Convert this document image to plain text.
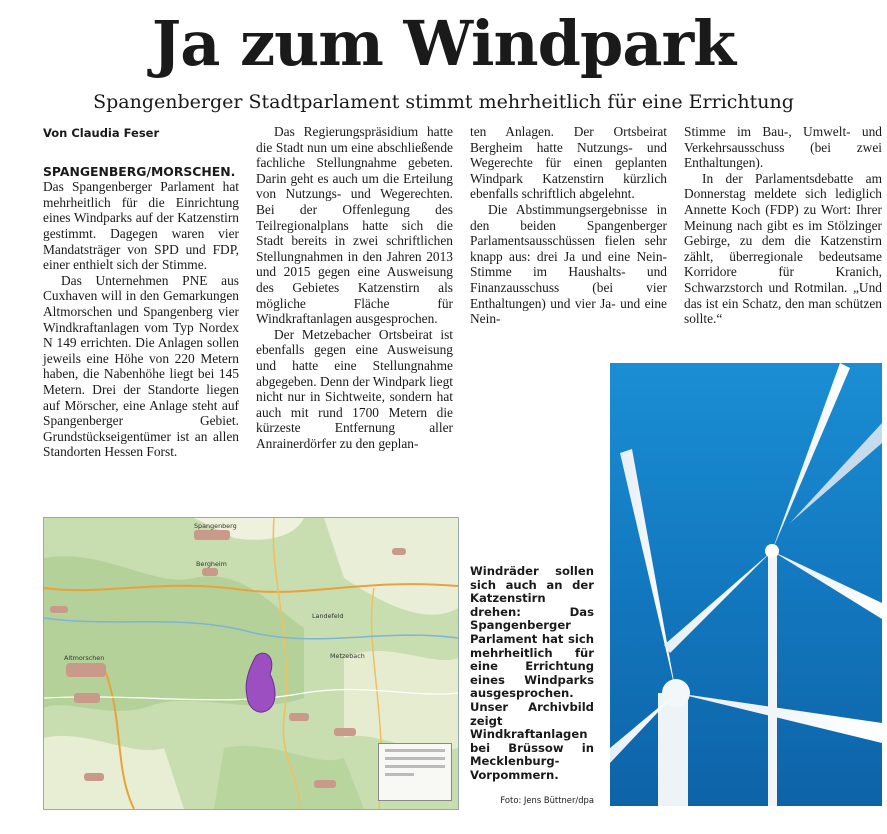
Ja zum Windpark
Spangenberger Stadtparlament stimmt mehrheitlich für eine Errichtung

Von Claudia Feser

SPANGENBERG/MORSCHEN. Das Spangenberger Parlament hat mehrheitlich für die Einrichtung eines Windparks auf der Katzenstirn gestimmt. Dagegen waren vier Mandatsträger von SPD und FDP, einer enthielt sich der Stimme.

Das Unternehmen PNE aus Cuxhaven will in den Gemarkungen Altmorschen und Spangenberg vier Windkraftanlagen vom Typ Nordex N 149 errichten. Die Anlagen sollen jeweils eine Höhe von 220 Metern haben, die Nabenhöhe liegt bei 145 Metern. Drei der Standorte liegen auf Mörscher, eine Anlage steht auf Spangenberger Gebiet. Grundstückseigentümer ist an allen Standorten Hessen Forst.

Das Regierungspräsidium hatte die Stadt nun um eine abschließende fachliche Stellungnahme gebeten. Darin geht es auch um die Erteilung von Nutzungs- und Wegerechten. Bei der Offenlegung des Teilregionalplans hatte sich die Stadt bereits in zwei schriftlichen Stellungnahmen in den Jahren 2013 und 2015 gegen eine Ausweisung des Gebietes Katzenstirn als mögliche Fläche für Windkraftanlagen ausgesprochen.

Der Metzebacher Ortsbeirat ist ebenfalls gegen eine Ausweisung und hatte eine Stellungnahme abgegeben. Denn der Windpark liegt nicht nur in Sichtweite, sondern hat auch mit rund 1700 Metern die kürzeste Entfernung aller Anrainerdörfer zu den geplan-

ten Anlagen. Der Ortsbeirat Bergheim hatte Nutzungs- und Wegerechte für einen geplanten Windpark Katzenstirn kürzlich ebenfalls schriftlich abgelehnt.

Die Abstimmungsergebnisse in den beiden Spangenberger Parlamentsausschüssen fielen sehr knapp aus: drei Ja und eine Nein-Stimme im Haushalts- und Finanzausschuss (bei vier Enthaltungen) und vier Ja- und eine Nein-

Stimme im Bau-, Umwelt- und Verkehrsausschuss (bei zwei Enthaltungen).

In der Parlamentsdebatte am Donnerstag meldete sich lediglich Annette Koch (FDP) zu Wort: Ihrer Meinung nach gibt es im Stölzinger Gebirge, zu dem die Katzenstirn zählt, überregionale bedeutsame Korridore für Kranich, Schwarzstorch und Rotmilan. „Und das ist ein Schatz, den man schützen sollte.“

Spangenberg
Bergheim
Altmorschen	Metzebach
Landefeld
Windräder sollen sich auch an der Katzenstirn drehen: Das Spangenberger Parlament hat sich mehrheitlich für eine Errichtung eines Windparks ausgesprochen. Unser Archivbild zeigt Windkraftanlagen bei Brüssow in Mecklenburg-Vorpommern.
Foto: Jens Büttner/dpa
